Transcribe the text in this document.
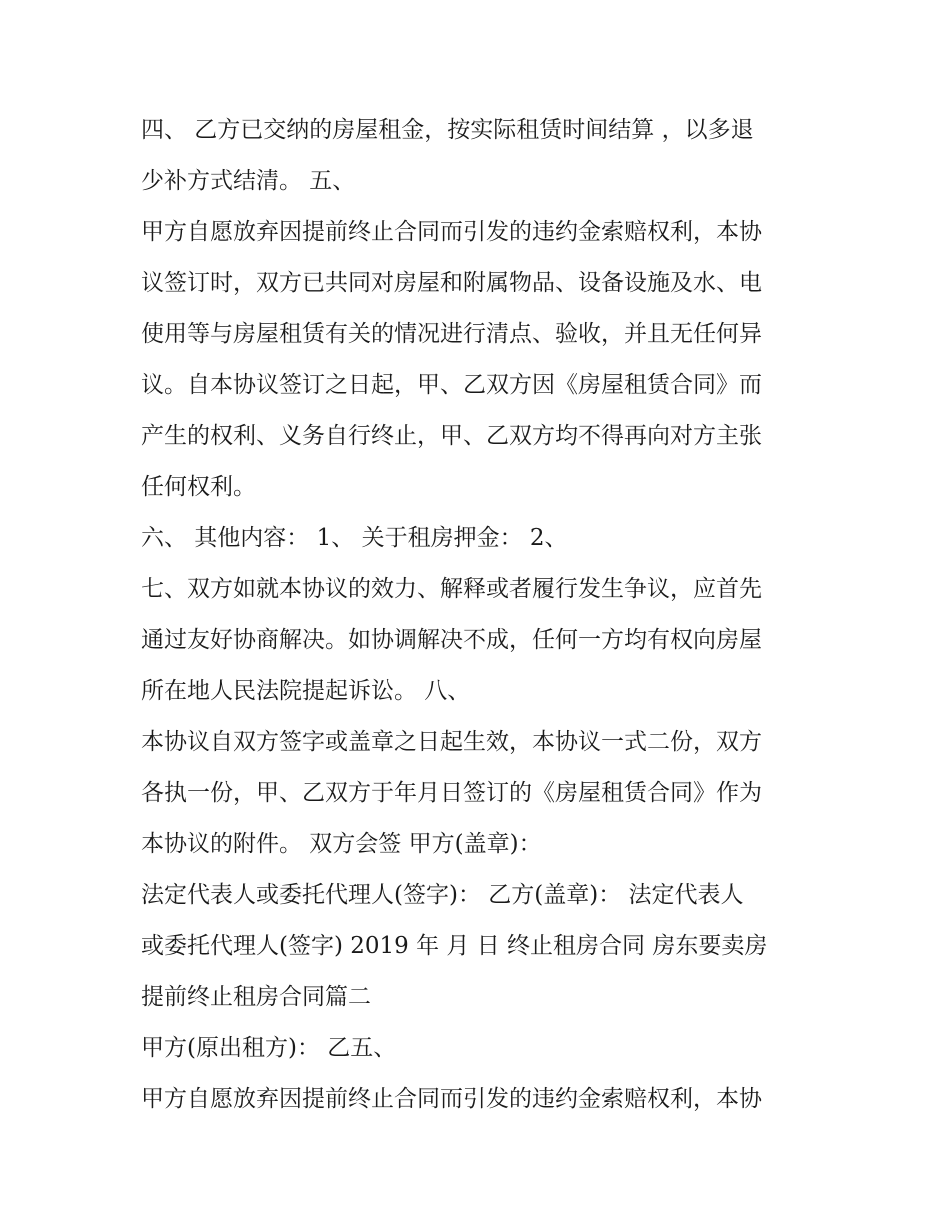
四、 乙方已交纳的房屋租金，按实际租赁时间结算 ，以多退
少补方式结清。 五、
甲方自愿放弃因提前终止合同而引发的违约金索赔权利，本协
议签订时，双方已共同对房屋和附属物品、设备设施及水、电
使用等与房屋租赁有关的情况进行清点、验收，并且无任何异
议。自本协议签订之日起，甲、乙双方因《房屋租赁合同》而
产生的权利、义务自行终止，甲、乙双方均不得再向对方主张
任何权利。
六、 其他内容： 1、 关于租房押金： 2、
七、双方如就本协议的效力、解释或者履行发生争议，应首先
通过友好协商解决。如协调解决不成，任何一方均有权向房屋
所在地人民法院提起诉讼。 八、
本协议自双方签字或盖章之日起生效，本协议一式二份，双方
各执一份，甲、乙双方于年月日签订的《房屋租赁合同》作为
本协议的附件。 双方会签 甲方(盖章)：
法定代表人或委托代理人(签字)： 乙方(盖章)： 法定代表人
或委托代理人(签字) 2019 年 月 日 终止租房合同 房东要卖房
提前终止租房合同篇二
甲方(原出租方)： 乙五、
甲方自愿放弃因提前终止合同而引发的违约金索赔权利，本协
